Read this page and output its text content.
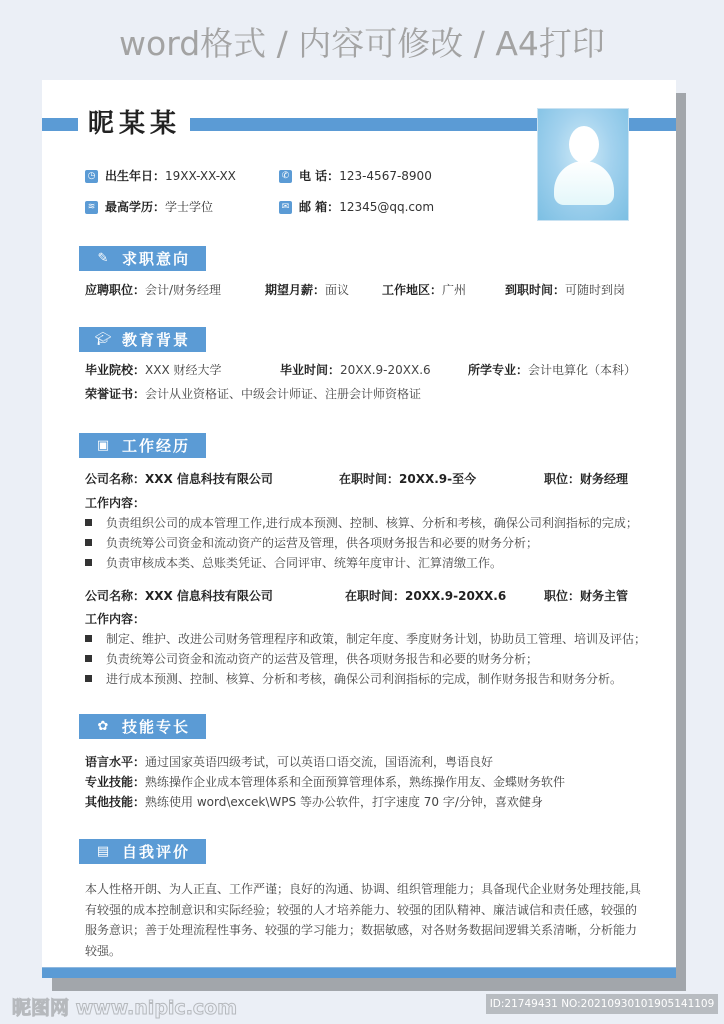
word格式 / 内容可修改 / A4打印
昵某某
◷ 出生年日： 19XX-XX-XX	✆ 电 话： 123-4567-8900
≋ 最高学历： 学士学位	✉ 邮 箱： 12345@qq.com
✎ 求职意向
应聘职位：会计/财务经理	期望月薪：面议	工作地区：广州	到职时间：可随时到岗
🎓︎ 教育背景
毕业院校：XXX 财经大学	毕业时间：20XX.9-20XX.6	所学专业：会计电算化（本科）
荣誉证书：会计从业资格证、中级会计师证、注册会计师资格证
▣ 工作经历
公司名称：XXX 信息科技有限公司	在职时间：20XX.9-至今	职位：财务经理
工作内容：
负责组织公司的成本管理工作,进行成本预测、控制、核算、分析和考核，确保公司利润指标的完成；
负责统筹公司资金和流动资产的运营及管理，供各项财务报告和必要的财务分析；
负责审核成本类、总账类凭证、合同评审、统筹年度审计、汇算清缴工作。
公司名称：XXX 信息科技有限公司	在职时间：20XX.9-20XX.6	职位：财务主管
工作内容：
制定、维护、改进公司财务管理程序和政策，制定年度、季度财务计划，协助员工管理、培训及评估；
负责统筹公司资金和流动资产的运营及管理，供各项财务报告和必要的财务分析；
进行成本预测、控制、核算、分析和考核，确保公司利润指标的完成，制作财务报告和财务分析。
✿ 技能专长
语言水平：通过国家英语四级考试，可以英语口语交流，国语流利，粤语良好
专业技能：熟练操作企业成本管理体系和全面预算管理体系，熟练操作用友、金蝶财务软件
其他技能：熟练使用 word\excek\WPS 等办公软件，打字速度 70 字/分钟，喜欢健身
▤ 自我评价
本人性格开朗、为人正直、工作严谨；良好的沟通、协调、组织管理能力；具备现代企业财务处理技能,具有较强的成本控制意识和实际经验；较强的人才培养能力、较强的团队精神、廉洁诚信和责任感，较强的服务意识；善于处理流程性事务、较强的学习能力；数据敏感，对各财务数据间逻辑关系清晰，分析能力较强。
昵图网 www.nipic.com	ID:21749431 NO:20210930101905141109
